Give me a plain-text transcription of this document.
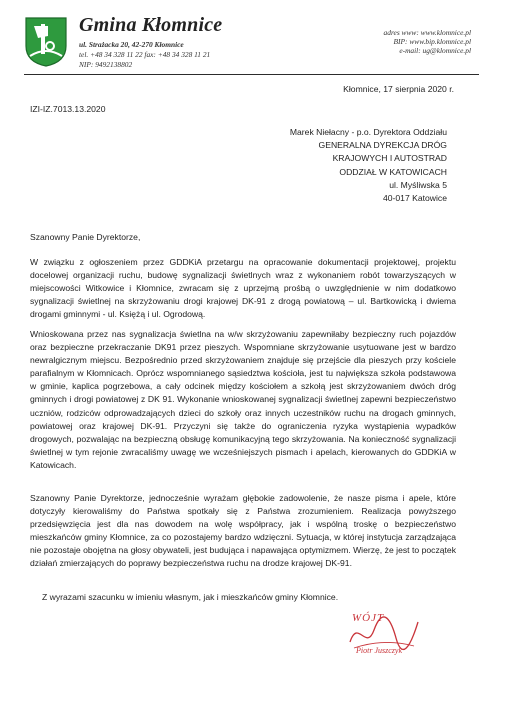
Gmina Kłomnice
ul. Strażacka 20, 42-270 Kłomnice
tel. +48 34 328 11 22 fax: +48 34 328 11 21
NIP: 9492138802
adres www: www.klomnice.pl
BIP: www.bip.klomnice.pl
e-mail: ug@klomnice.pl
Kłomnice, 17 sierpnia 2020 r.
IZI-IZ.7013.13.2020
Marek Niełacny - p.o. Dyrektora Oddziału
GENERALNA DYREKCJA DRÓG
KRAJOWYCH I AUTOSTRAD
ODDZIAŁ W KATOWICACH
ul. Myśliwska 5
40-017 Katowice
Szanowny Panie Dyrektorze,

W związku z ogłoszeniem przez GDDKiA przetargu na opracowanie dokumentacji projektowej, projektu docelowej organizacji ruchu, budowę sygnalizacji świetlnych wraz z wykonaniem robót towarzyszących w miejscowości Witkowice i Kłomnice, zwracam się z uprzejmą prośbą o uwzględnienie w nim dodatkowo sygnalizacji świetlnej na skrzyżowaniu drogi krajowej DK-91 z drogą powiatową – ul. Bartkowicką i dwiema drogami gminnymi - ul. Księżą i ul. Ogrodową.

Wnioskowana przez nas sygnalizacja świetlna na w/w skrzyżowaniu zapewniłaby bezpieczny ruch pojazdów oraz bezpieczne przekraczanie DK91 przez pieszych. Wspomniane skrzyżowanie usytuowane jest w bardzo newralgicznym miejscu. Bezpośrednio przed skrzyżowaniem znajduje się przejście dla pieszych przy kościele parafialnym w Kłomnicach. Oprócz wspomnianego sąsiedztwa kościoła, jest tu największa szkoła podstawowa w gminie, kaplica pogrzebowa, a cały odcinek między kościołem a szkołą jest skrzyżowaniem dwóch dróg gminnych i drogi powiatowej z DK 91. Wykonanie wnioskowanej sygnalizacji świetlnej zapewni bezpieczeństwo uczniów, rodziców odprowadzających dzieci do szkoły oraz innych uczestników ruchu na drogach gminnych, powiatowej oraz krajowej DK-91. Przyczyni się także do ograniczenia ryzyka wystąpienia wypadków drogowych, pozwalając na bezpieczną obsługę komunikacyjną tego skrzyżowania. Na konieczność sygnalizacji świetlnej w tym rejonie zwracaliśmy uwagę we wcześniejszych pismach i apelach, kierowanych do GDDKiA w Katowicach.

Szanowny Panie Dyrektorze, jednocześnie wyrażam głębokie zadowolenie, że nasze pisma i apele, które dotyczyły kierowaliśmy do Państwa spotkały się z Państwa zrozumieniem. Realizacja powyższego przedsięwzięcia jest dla nas dowodem na wolę współpracy, jak i wspólną troskę o bezpieczeństwo mieszkańców gminy Kłomnice, za co pozostajemy bardzo wdzięczni. Sytuacja, w której instytucja zarządzająca nie pozostaje obojętna na głosy obywateli, jest budująca i napawająca optymizmem. Wierzę, że jest to początek działań zmierzających do poprawy bezpieczeństwa ruchu na drodze krajowej DK-91.

Z wyrazami szacunku w imieniu własnym, jak i mieszkańców gminy Kłomnice.
WÓJT
Piotr Juszczyk
